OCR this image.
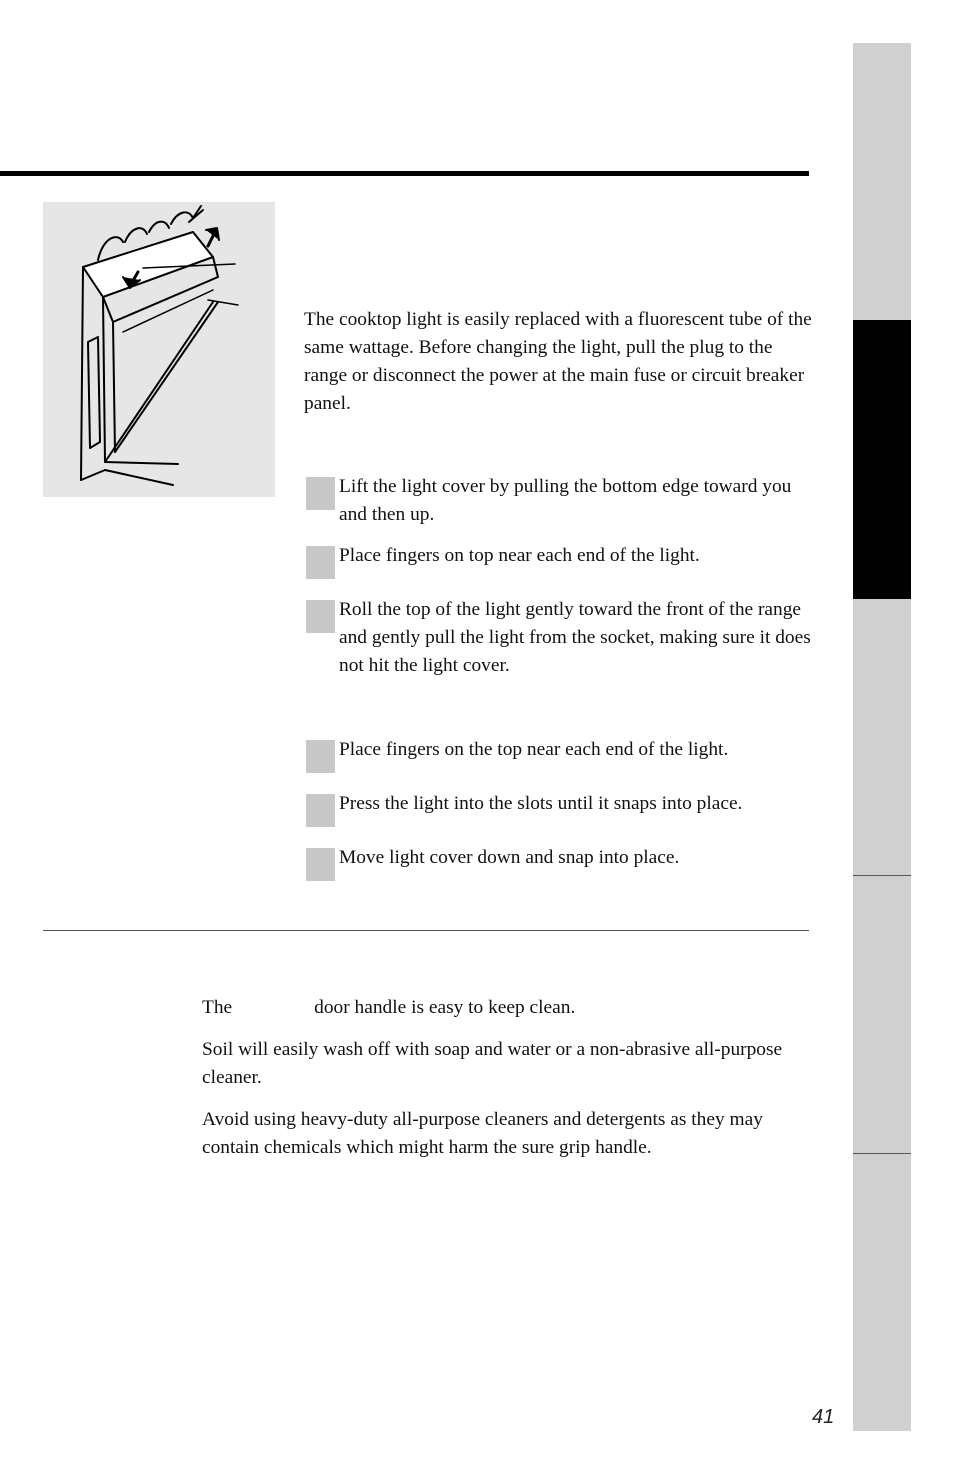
The cooktop light is easily replaced with a fluorescent tube of the same wattage. Before changing the light, pull the plug to the range or disconnect the power at the main fuse or circuit breaker panel.
Lift the light cover by pulling the bottom edge toward you and then up.
Place fingers on top near each end of the light.
Roll the top of the light gently toward the front of the range and gently pull the light from the socket, making sure it does not hit the light cover.
Place fingers on the top near each end of the light.
Press the light into the slots until it snaps into place.
Move light cover down and snap into place.
The	door handle is easy to keep clean.
Soil will easily wash off with soap and water or a non-abrasive all-purpose cleaner.
Avoid using heavy-duty all-purpose cleaners and detergents as they may contain chemicals which might harm the sure grip handle.
41
